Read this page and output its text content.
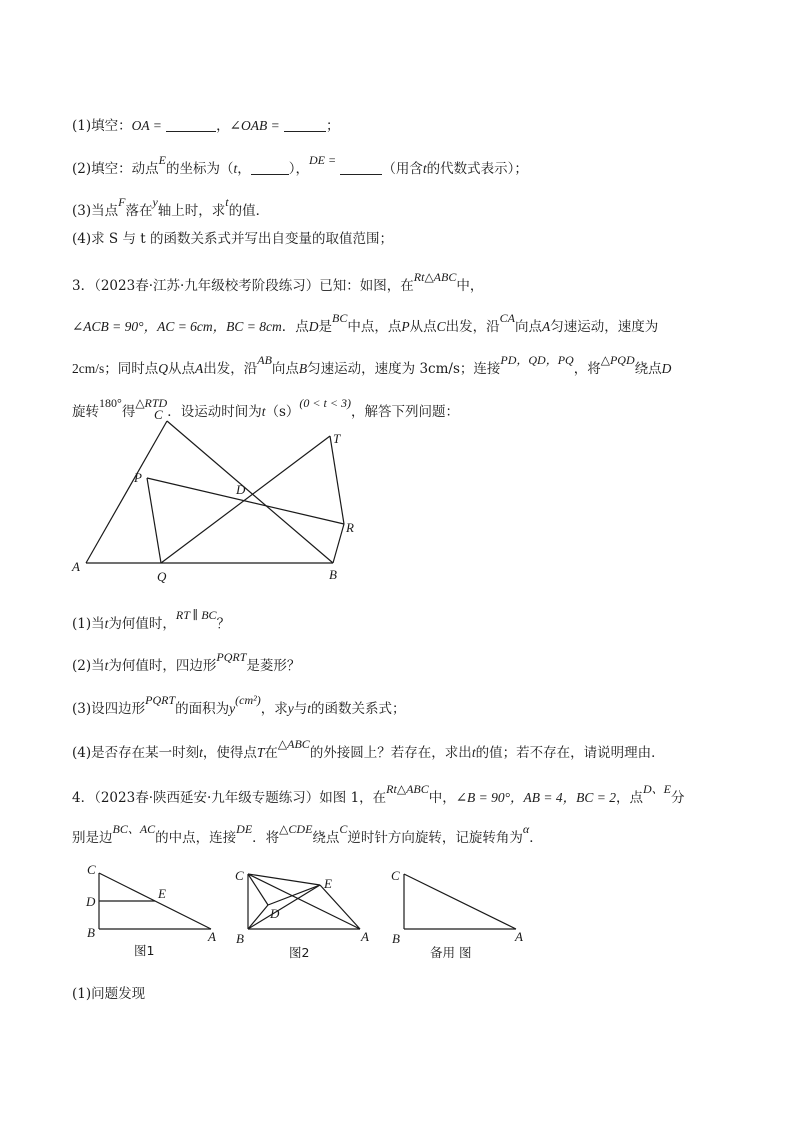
(1)填空：OA =	，∠OAB =	；
(2)填空：动点E的坐标为（t，	），DE = （用含t的代数式表示）；
(3)当点F落在y轴上时，求t的值．
(4)求 S 与 t 的函数关系式并写出自变量的取值范围；
3．（2023春·江苏·九年级校考阶段练习）已知：如图，在Rt△ABC中，
∠ACB = 90°，AC = 6cm，BC = 8cm．点D是BC中点，点P从点C出发，沿CA向点A匀速运动，速度为
2cm/s；同时点Q从点A出发，沿AB向点B匀速运动，速度为 3cm/s；连接PD，QD，PQ，将△PQD绕点D
旋转180°得△RTD．设运动时间为t（s）(0 < t < 3)，解答下列问题：
C
T
P
D
R
A
Q	B
(1)当t为何值时，RT ∥ BC？
(2)当t为何值时，四边形PQRT是菱形？
(3)设四边形PQRT的面积为y(cm²)，求y与t的函数关系式；
(4)是否存在某一时刻t，使得点T在△ABC的外接圆上？若存在，求出t的值；若不存在，请说明理由．
4．（2023春·陕西延安·九年级专题练习）如图 1，在Rt△ABC中，∠B = 90°，AB = 4，BC = 2，点D、E分
别是边BC、AC的中点，连接DE．将△CDE绕点C逆时针方向旋转，记旋转角为α．
C
D
E
B	A
图1
C
E
D
B	A
图2
C
B	A
备用 图
(1)问题发现
